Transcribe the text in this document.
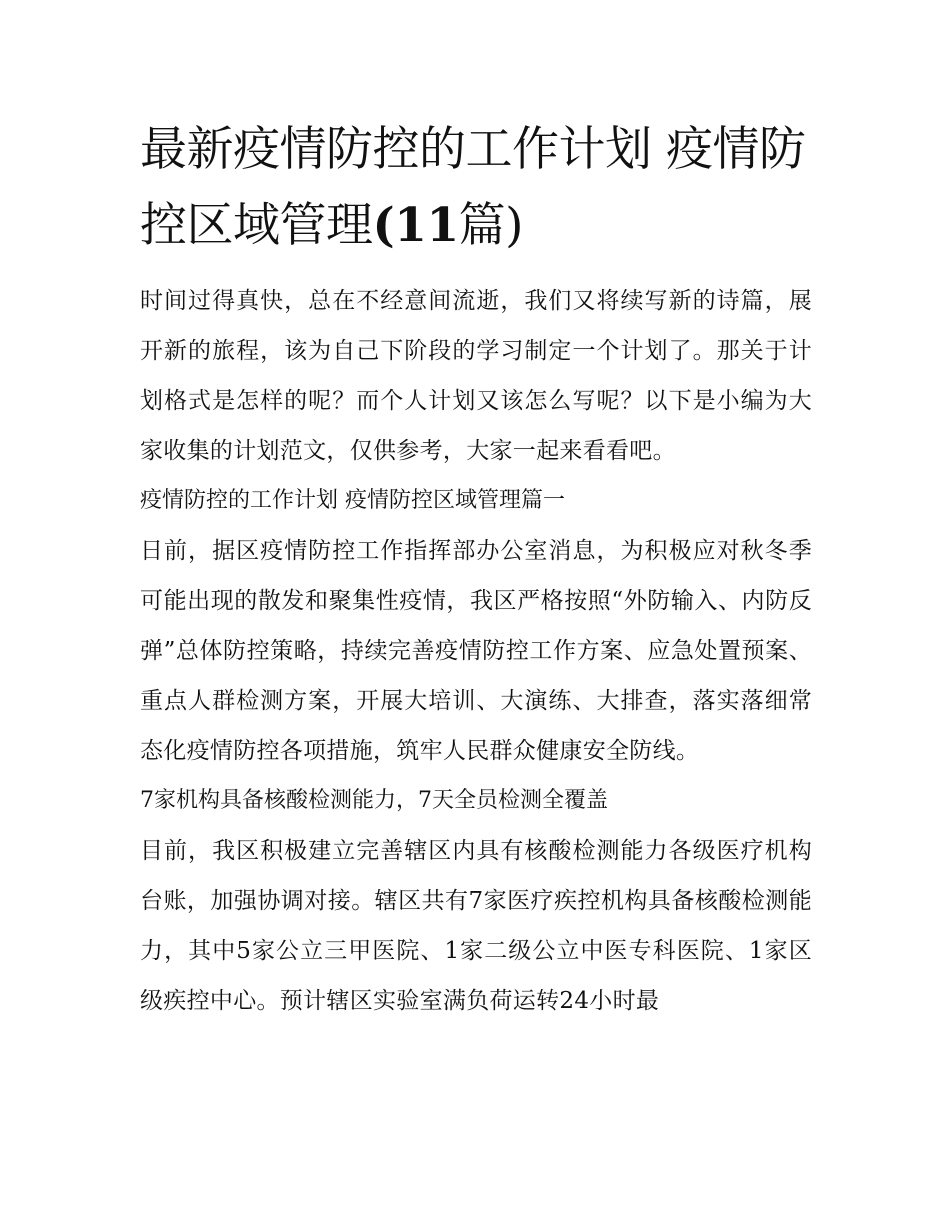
最新疫情防控的工作计划 疫情防控区域管理(11篇)

时间过得真快，总在不经意间流逝，我们又将续写新的诗篇，展开新的旅程，该为自己下阶段的学习制定一个计划了。那关于计划格式是怎样的呢？而个人计划又该怎么写呢？以下是小编为大家收集的计划范文，仅供参考，大家一起来看看吧。

疫情防控的工作计划 疫情防控区域管理篇一

日前，据区疫情防控工作指挥部办公室消息，为积极应对秋冬季可能出现的散发和聚集性疫情，我区严格按照“外防输入、内防反弹”总体防控策略，持续完善疫情防控工作方案、应急处置预案、重点人群检测方案，开展大培训、大演练、大排查，落实落细常态化疫情防控各项措施，筑牢人民群众健康安全防线。

7家机构具备核酸检测能力，7天全员检测全覆盖

目前，我区积极建立完善辖区内具有核酸检测能力各级医疗机构台账，加强协调对接。辖区共有7家医疗疾控机构具备核酸检测能力，其中5家公立三甲医院、1家二级公立中医专科医院、1家区级疾控中心。预计辖区实验室满负荷运转24小时最
